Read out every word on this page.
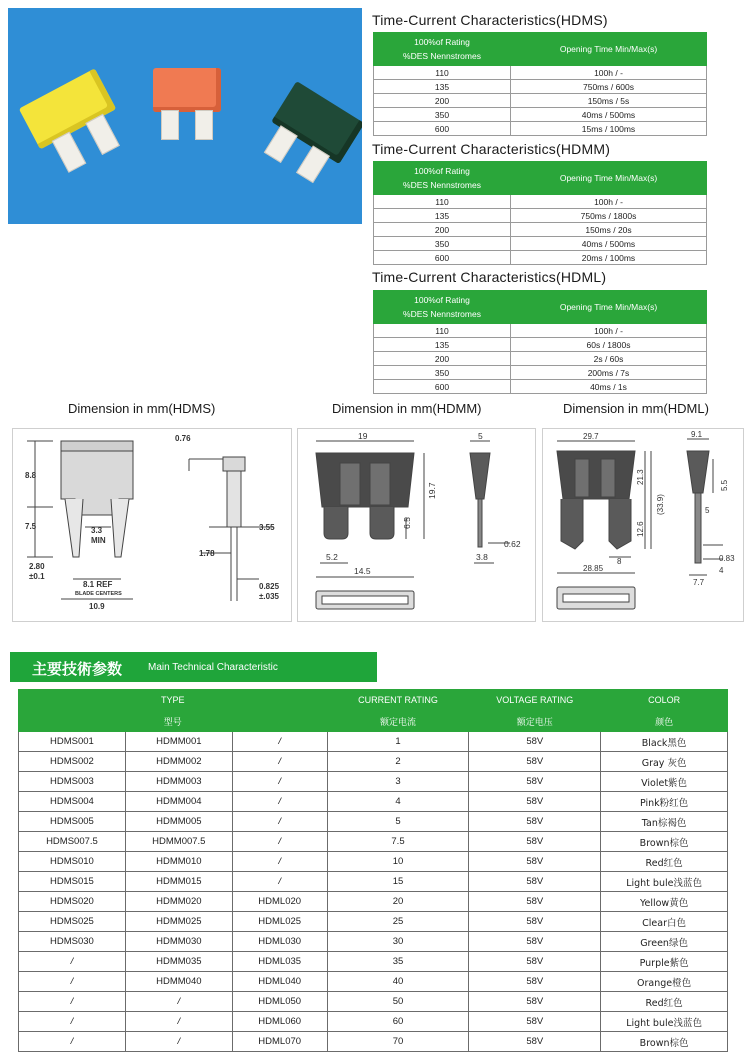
Time-Current Characteristics(HDMS)
100%of Rating
%DES Nennstromes	Opening Time Min/Max(s)
110	100h / -
135	750ms / 600s
200	150ms / 5s
350	40ms / 500ms
600	15ms / 100ms
Time-Current Characteristics(HDMM)
100%of Rating
%DES Nennstromes	Opening Time Min/Max(s)
110	100h / -
135	750ms / 1800s
200	150ms / 20s
350	40ms / 500ms
600	20ms / 100ms
Time-Current Characteristics(HDML)
100%of Rating
%DES Nennstromes	Opening Time Min/Max(s)
110	100h / -
135	60s / 1800s
200	2s / 60s
350	200ms / 7s
600	40ms / 1s
Dimension in mm(HDMS)	Dimension in mm(HDMM)	Dimension in mm(HDML)
8.8
7.5	3.3
MIN
2.80
±0.1
8.1 REF
BLADE CENTERS
10.9
0.76
3.55
1.78
0.825
±.035
19	5
19.7
6.5
0.62
5.2	3.8
14.5
29.7	9.1
21.3
(33.9)
12.6
5
5.5
8
28.85
0.83
4
7.7
主要技術参数	Main Technical Characteristic
TYPE			CURRENT RATING	VOLTAGE RATING	COLOR
型号			额定电流	额定电压	颜色
HDMS001	HDMM001	/	1	58V	Black黑色
HDMS002	HDMM002	/	2	58V	Gray 灰色
HDMS003	HDMM003	/	3	58V	Violet紫色
HDMS004	HDMM004	/	4	58V	Pink粉红色
HDMS005	HDMM005	/	5	58V	Tan棕褐色
HDMS007.5	HDMM007.5	/	7.5	58V	Brown棕色
HDMS010	HDMM010	/	10	58V	Red红色
HDMS015	HDMM015	/	15	58V	Light bule浅蓝色
HDMS020	HDMM020	HDML020	20	58V	Yellow黄色
HDMS025	HDMM025	HDML025	25	58V	Clear白色
HDMS030	HDMM030	HDML030	30	58V	Green绿色
/	HDMM035	HDML035	35	58V	Purple紫色
/	HDMM040	HDML040	40	58V	Orange橙色
/	/	HDML050	50	58V	Red红色
/	/	HDML060	60	58V	Light bule浅蓝色
/	/	HDML070	70	58V	Brown棕色
